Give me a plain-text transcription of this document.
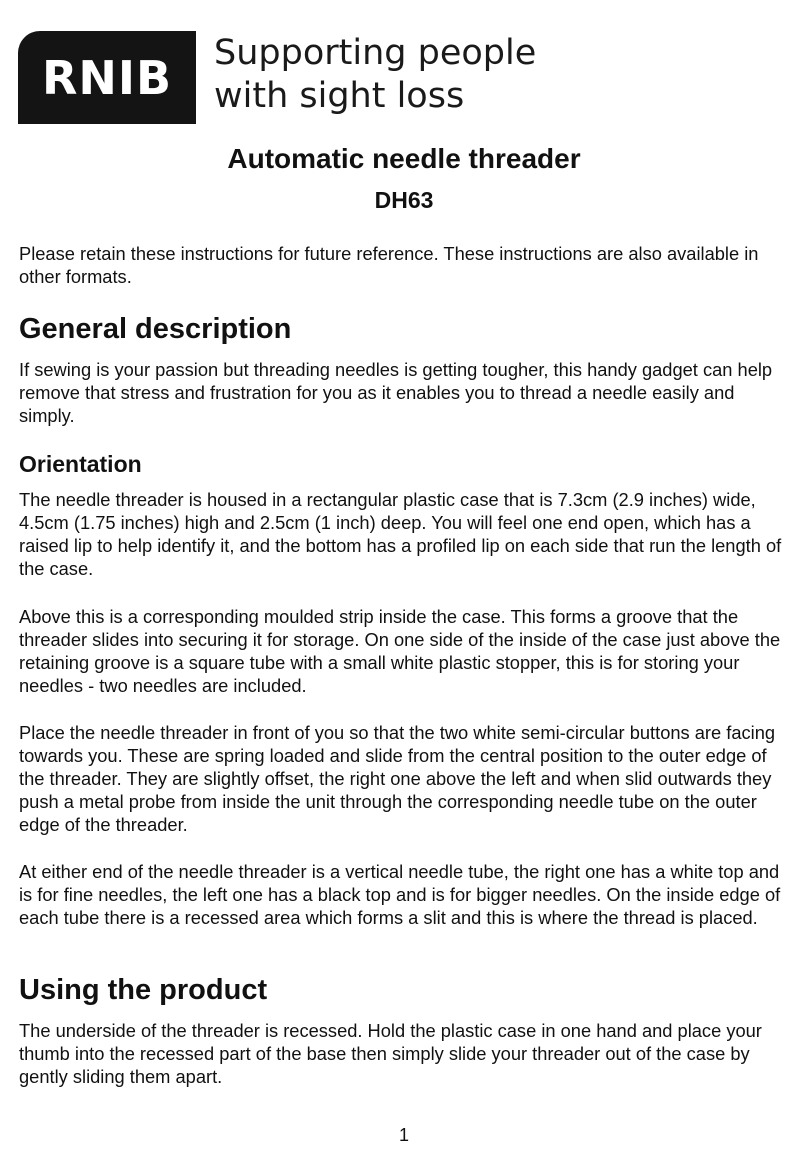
RNIB Supporting people
with sight loss
Automatic needle threader
DH63

Please retain these instructions for future reference. These instructions are also available in other formats.

General description

If sewing is your passion but threading needles is getting tougher, this handy gadget can help remove that stress and frustration for you as it enables you to thread a needle easily and simply.

Orientation

The needle threader is housed in a rectangular plastic case that is 7.3cm (2.9 inches) wide, 4.5cm (1.75 inches) high and 2.5cm (1 inch) deep. You will feel one end open, which has a raised lip to help identify it, and the bottom has a profiled lip on each side that run the length of the case.

Above this is a corresponding moulded strip inside the case. This forms a groove that the threader slides into securing it for storage. On one side of the inside of the case just above the retaining groove is a square tube with a small white plastic stopper, this is for storing your needles - two needles are included.

Place the needle threader in front of you so that the two white semi-circular buttons are facing towards you. These are spring loaded and slide from the central position to the outer edge of the threader. They are slightly offset, the right one above the left and when slid outwards they push a metal probe from inside the unit through the corresponding needle tube on the outer edge of the threader.

At either end of the needle threader is a vertical needle tube, the right one has a white top and is for fine needles, the left one has a black top and is for bigger needles. On the inside edge of each tube there is a recessed area which forms a slit and this is where the thread is placed.

Using the product

The underside of the threader is recessed. Hold the plastic case in one hand and place your thumb into the recessed part of the base then simply slide your threader out of the case by gently sliding them apart.

1
